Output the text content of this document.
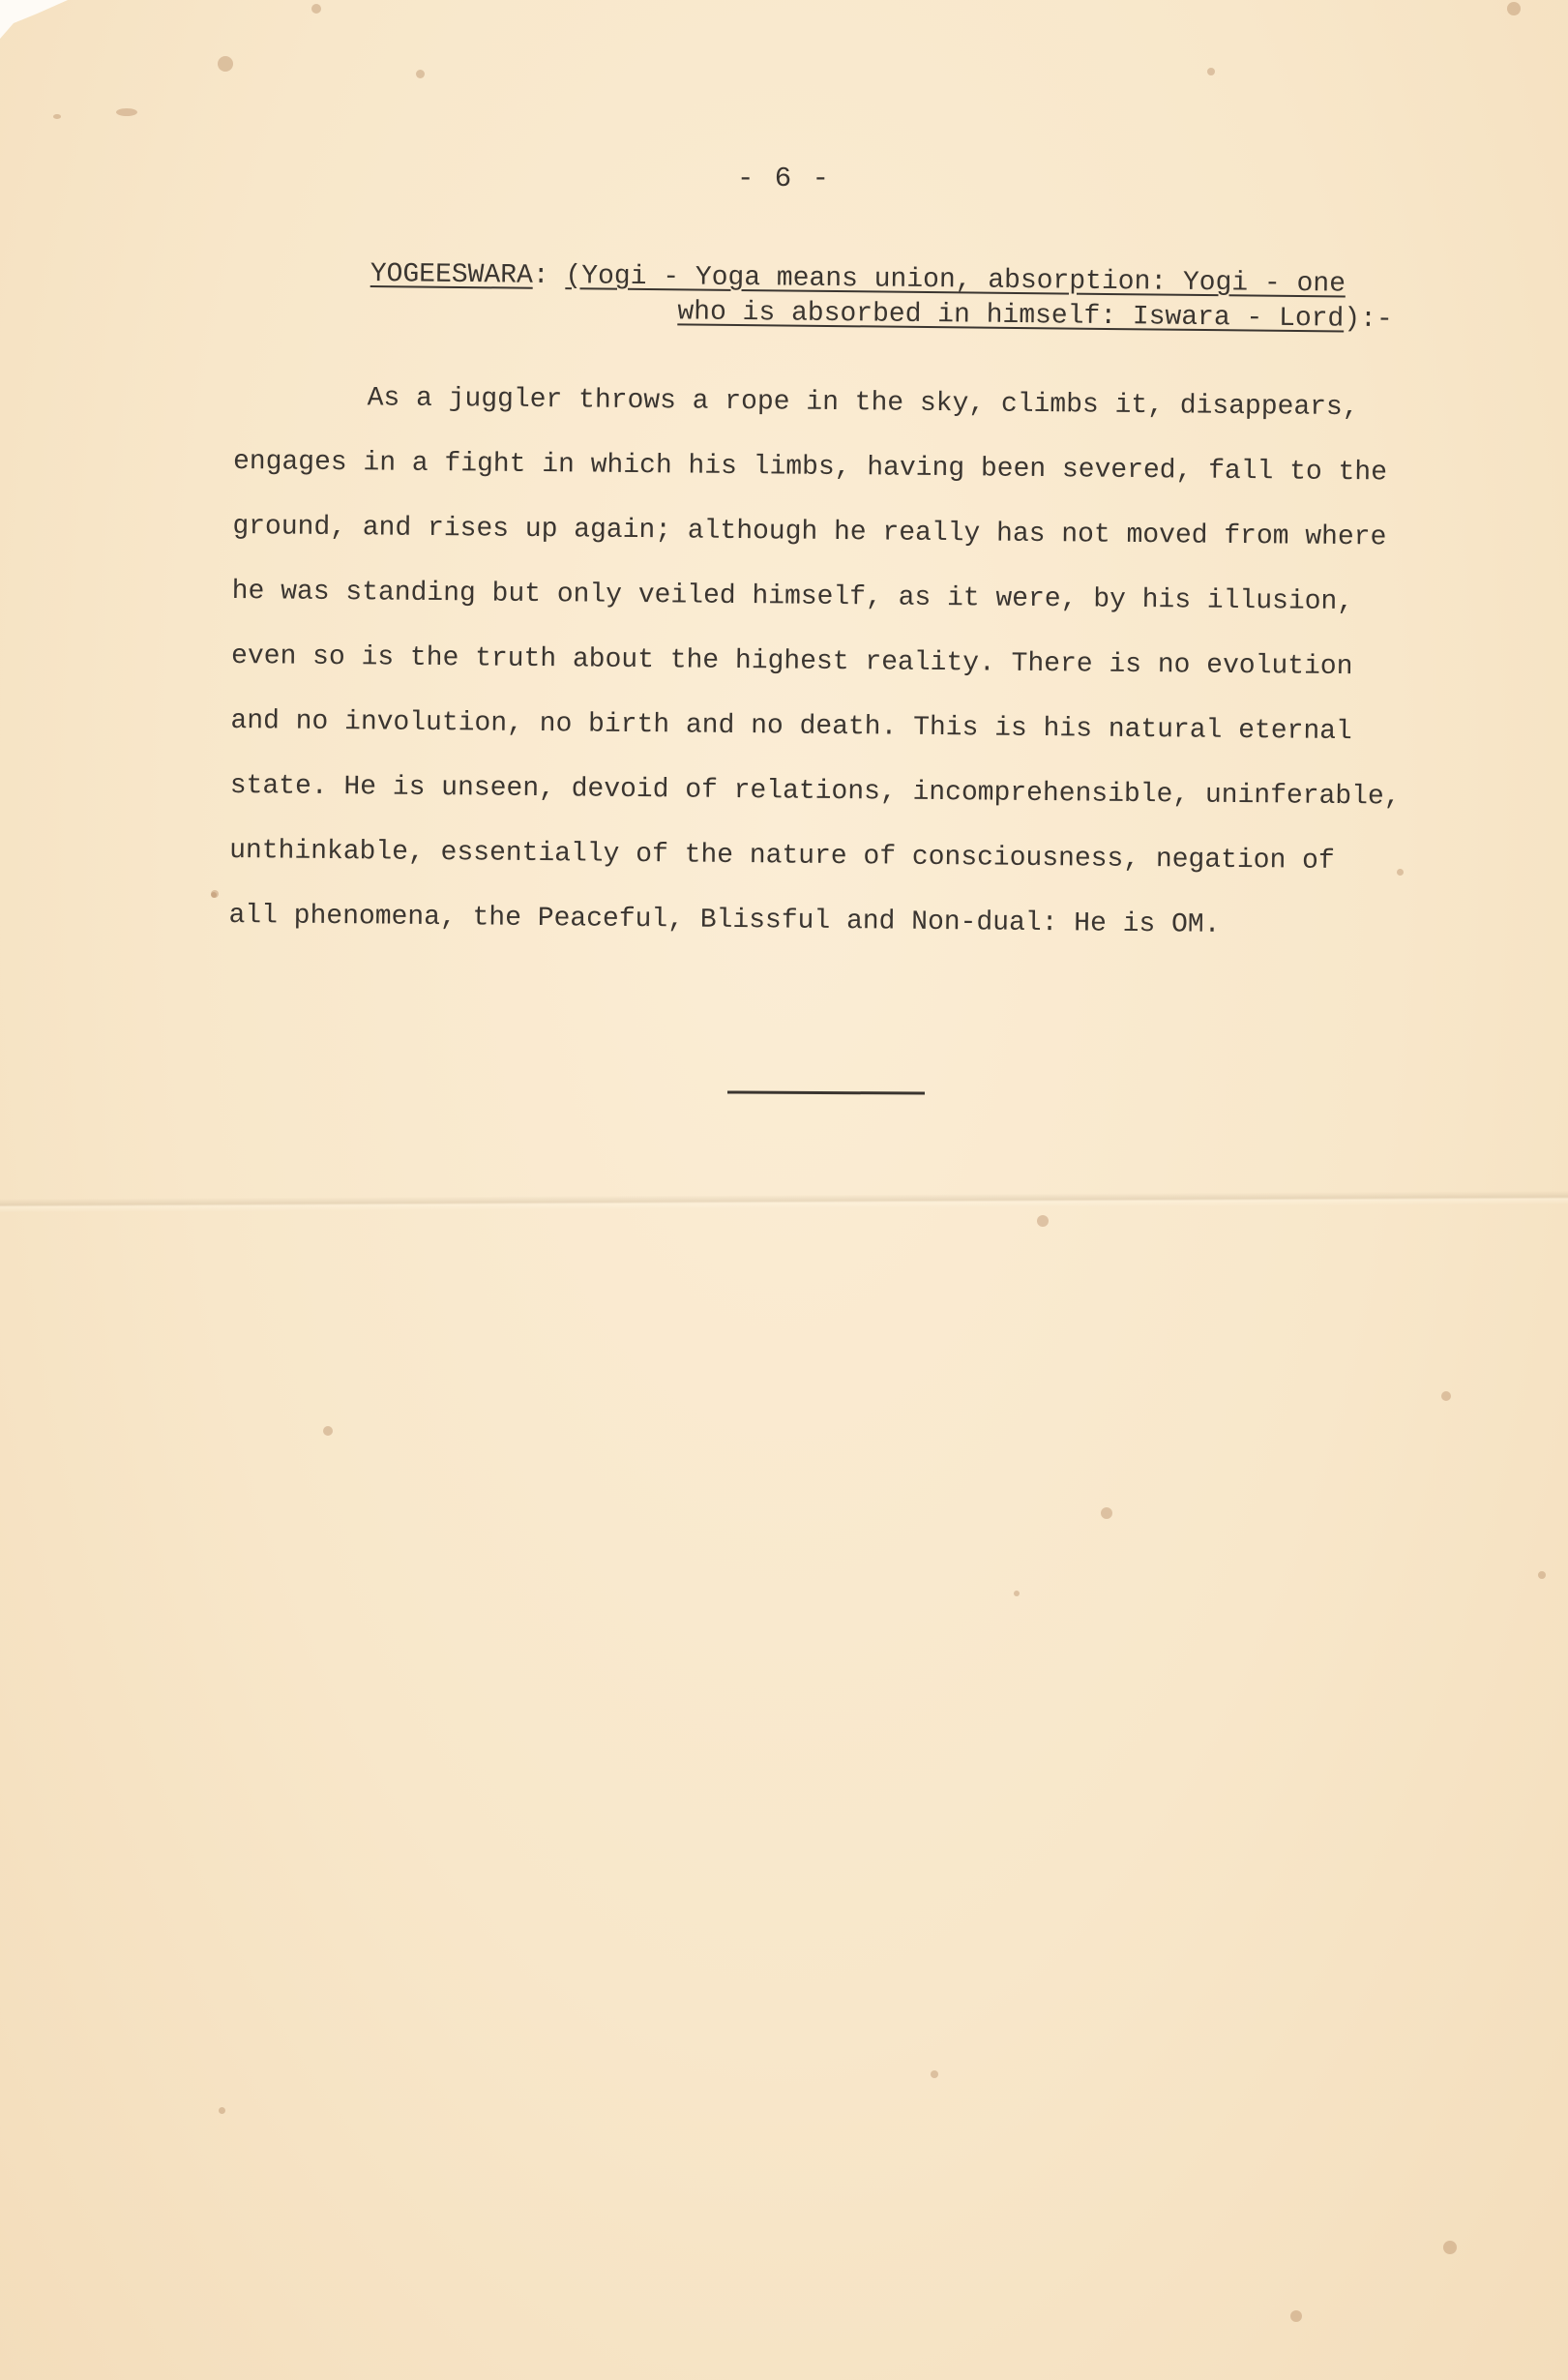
- 6 -
YOGEESWARA: (Yogi - Yoga means union, absorption: Yogi - one
who is absorbed in himself: Iswara - Lord):-
As a juggler throws a rope in the sky, climbs it, disappears,
engages in a fight in which his limbs, having been severed, fall to the
ground, and rises up again; although he really has not moved from where
he was standing but only veiled himself, as it were, by his illusion,
even so is the truth about the highest reality. There is no evolution
and no involution, no birth and no death. This is his natural eternal
state. He is unseen, devoid of relations, incomprehensible, uninferable,
unthinkable, essentially of the nature of consciousness, negation of
all phenomena, the Peaceful, Blissful and Non-dual: He is OM.
